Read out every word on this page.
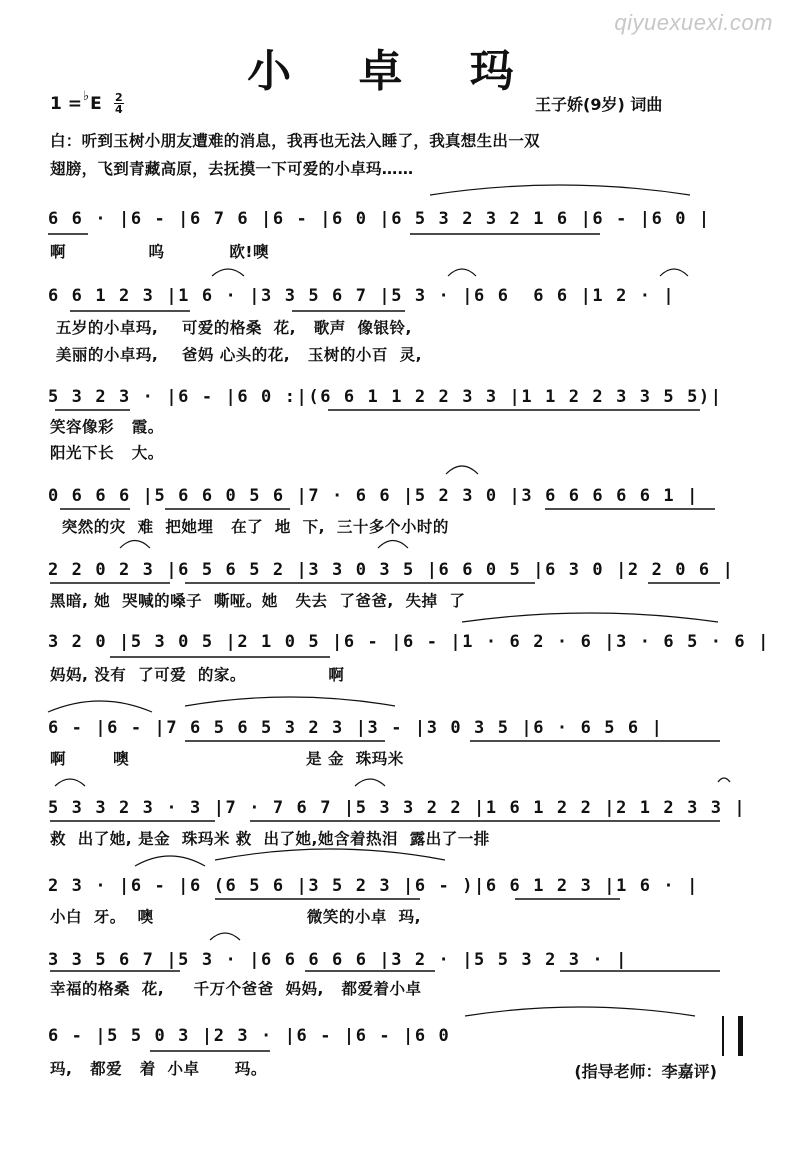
qiyuexuexi.com
小 卓 玛
1 = ♭ E 2
4	王子娇(9岁) 词曲
白：听到玉树小朋友遭难的消息，我再也无法入睡了，我真想生出一双
翅膀，飞到青藏高原，去抚摸一下可爱的小卓玛……
6 6 · |6 - |6 7 6 |6 - |6 0 |6 5 3 2 3 2 1 6 |6 - |6 0 |
啊              呜           欧!噢
6 6 1 2 3 |1 6 · |3 3 5 6 7 |5 3 · |6 6  6 6 |1 2 · |
五岁的小卓玛,    可爱的格桑  花,   歌声  像银铃,
美丽的小卓玛,    爸妈 心头的花,   玉树的小百  灵,
5 3 2 3 · |6 - |6 0 :|(6 6 1 1 2 2 3 3 |1 1 2 2 3 3 5 5)|
笑容像彩   霞。
阳光下长   大。
0 6 6 6 |5 6 6 0 5 6 |7 · 6 6 |5 2 3 0 |3 6 6 6 6 6 1 |
突然的灾  难  把她埋   在了  地  下,  三十多个小时的
2 2 0 2 3 |6 5 6 5 2 |3 3 0 3 5 |6 6 0 5 |6 3 0 |2 2 0 6 |
黑暗, 她  哭喊的嗓子  嘶哑。她   失去  了爸爸,  失掉  了
3 2 0 |5 3 0 5 |2 1 0 5 |6 - |6 - |1 · 6 2 · 6 |3 · 6 5 · 6 |
妈妈, 没有  了可爱  的家。              啊
6 - |6 - |7 6 5 6 5 3 2 3 |3 - |3 0 3 5 |6 · 6 5 6 |
啊        噢                              是 金  珠玛米
5 3 3 2 3 · 3 |7 · 7 6 7 |5 3 3 2 2 |1 6 1 2 2 |2 1 2 3 3 |
救  出了她, 是金  珠玛米 救  出了她,她含着热泪  露出了一排
2 3 · |6 - |6 (6 5 6 |3 5 2 3 |6 - )|6 6 1 2 3 |1 6 · |
小白  牙。  噢                          微笑的小卓  玛,
3 3 5 6 7 |5 3 · |6 6 6 6 6 |3 2 · |5 5 3 2 3 · |
幸福的格桑  花,     千万个爸爸  妈妈,   都爱着小卓
6 - |5 5 0 3 |2 3 · |6 - |6 - |6 0
玛,   都爱   着  小卓      玛。	(指导老师：李嘉评)
